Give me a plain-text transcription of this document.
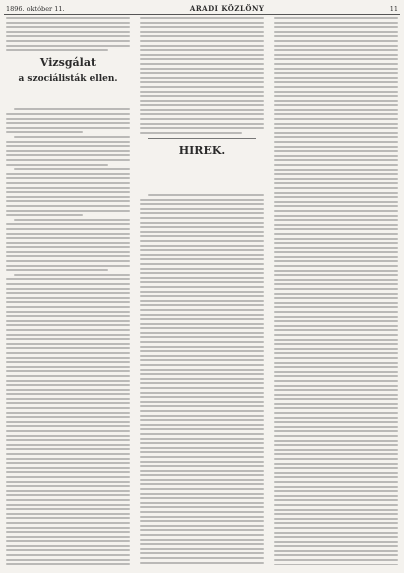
1896. október 11.	ARADI KÖZLÖNY	11
Vizsgálat
a szociálisták ellen.

HIREK.
